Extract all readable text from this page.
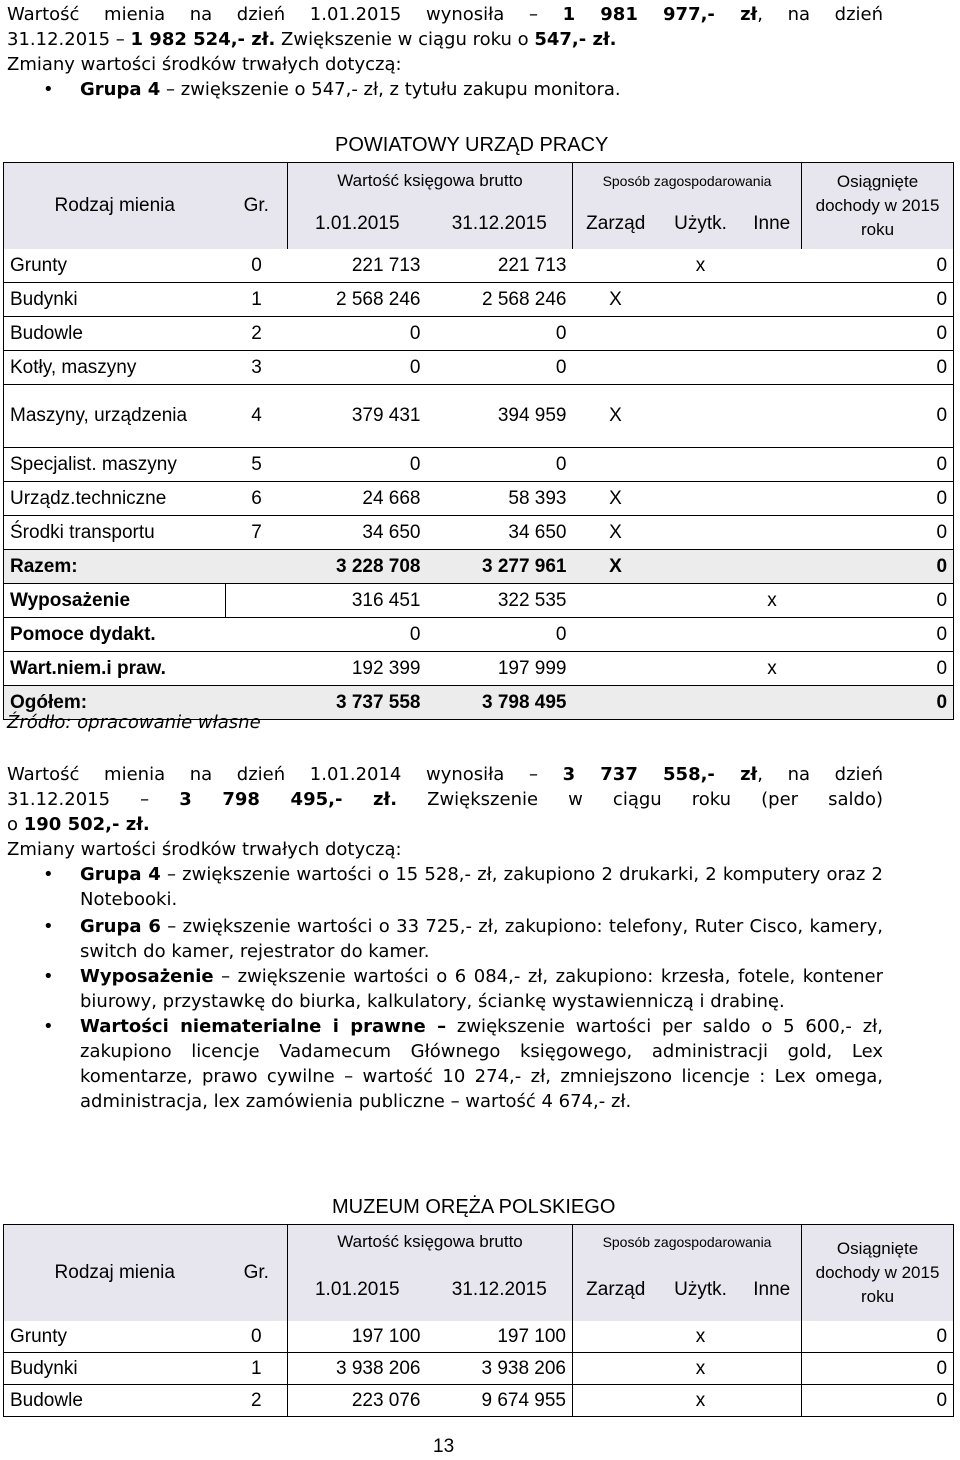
Wartość mienia na dzień 1.01.2015 wynosiła – 1 981 977,- zł, na dzień
31.12.2015 – 1 982 524,- zł. Zwiększenie w ciągu roku o 547,- zł.
Zmiany wartości środków trwałych dotyczą:
• Grupa 4 – zwiększenie o 547,- zł, z tytułu zakupu monitora.
POWIATOWY URZĄD PRACY
Rodzaj mienia	Gr.	Wartość księgowa brutto		Sposób zagospodarowania			Osiągnięte dochody w 2015 roku
		1.01.2015	31.12.2015	Zarząd	Użytk.	Inne	
Grunty	0	221 713	221 713		x		0
Budynki	1	2 568 246	2 568 246	X			0
Budowle	2	0	0				0
Kotły, maszyny	3	0	0				0
Maszyny, urządzenia	4	379 431	394 959	X			0
Specjalist. maszyny	5	0	0				0
Urządz.techniczne	6	24 668	58 393	X			0
Środki transportu	7	34 650	34 650	X			0
Razem:		3 228 708	3 277 961	X			0
Wyposażenie		316 451	322 535			x	0
Pomoce dydakt.		0	0				0
Wart.niem.i praw.		192 399	197 999			x	0
Ogółem:		3 737 558	3 798 495				0
Źródło: opracowanie własne
Wartość mienia na dzień 1.01.2014 wynosiła – 3 737 558,- zł, na dzień
31.12.2015 – 3 798 495,- zł. Zwiększenie w ciągu roku (per saldo)
o 190 502,- zł.
Zmiany wartości środków trwałych dotyczą:
• Grupa 4 – zwiększenie wartości o 15 528,- zł, zakupiono 2 drukarki, 2 komputery oraz 2 Notebooki.
• Grupa 6 – zwiększenie wartości o 33 725,- zł, zakupiono: telefony, Ruter Cisco, kamery, switch do kamer, rejestrator do kamer.
• Wyposażenie – zwiększenie wartości o 6 084,- zł, zakupiono: krzesła, fotele, kontener biurowy, przystawkę do biurka, kalkulatory, ściankę wystawienniczą i drabinę.
• Wartości niematerialne i prawne – zwiększenie wartości per saldo o 5 600,- zł, zakupiono licencje Vadamecum Głównego księgowego, administracji gold, Lex komentarze, prawo cywilne – wartość 10 274,- zł, zmniejszono licencje : Lex omega, administracja, lex zamówienia publiczne – wartość 4 674,- zł.
MUZEUM ORĘŻA POLSKIEGO
Rodzaj mienia	Gr.	Wartość księgowa brutto		Sposób zagospodarowania			Osiągnięte dochody w 2015 roku
		1.01.2015	31.12.2015	Zarząd	Użytk.	Inne	
Grunty	0	197 100	197 100		x		0
Budynki	1	3 938 206	3 938 206		x		0
Budowle	2	223 076	9 674 955		x		0
13
